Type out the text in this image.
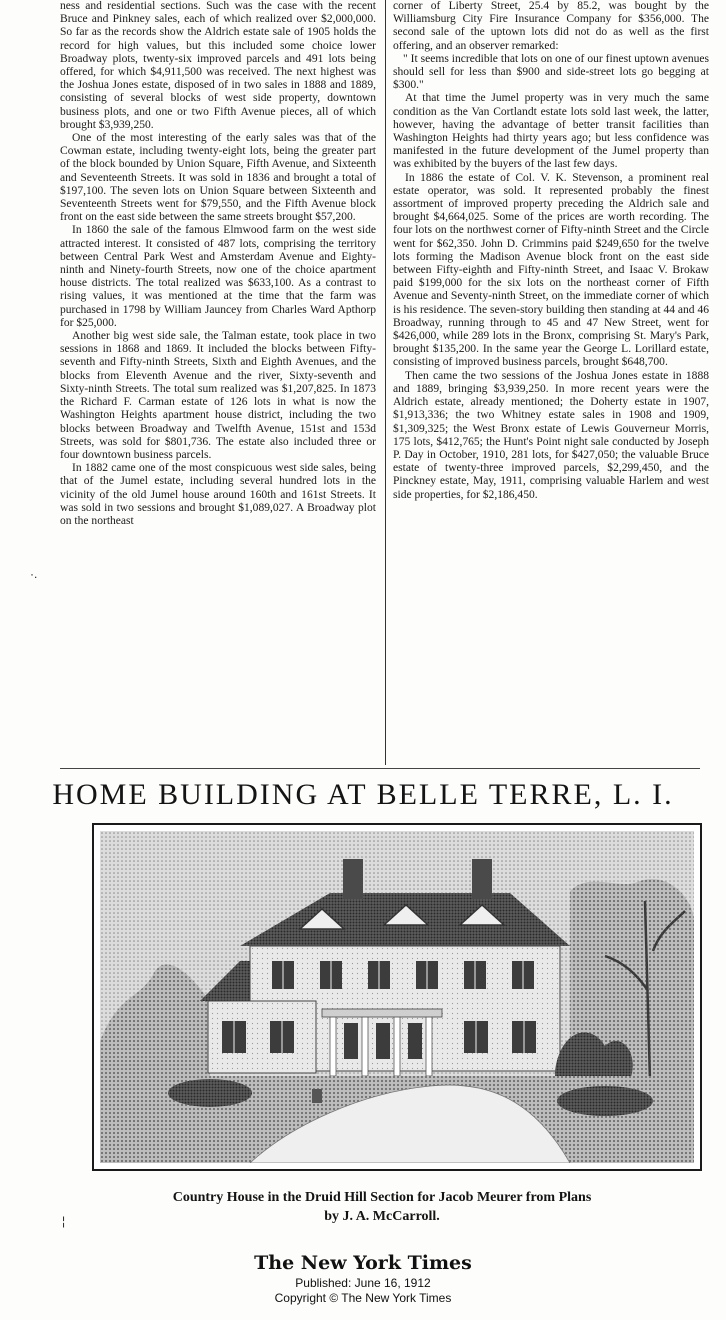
ness and residential sections. Such was the case with the recent Bruce and Pinkney sales, each of which realized over $2,000,000. So far as the records show the Aldrich estate sale of 1905 holds the record for high values, but this included some choice lower Broadway plots, twenty-six improved parcels and 491 lots being offered, for which $4,911,500 was received. The next highest was the Joshua Jones estate, disposed of in two sales in 1888 and 1889, consisting of several blocks of west side property, downtown business plots, and one or two Fifth Avenue pieces, all of which brought $3,939,250.

One of the most interesting of the early sales was that of the Cowman estate, including twenty-eight lots, being the greater part of the block bounded by Union Square, Fifth Avenue, and Sixteenth and Seventeenth Streets. It was sold in 1836 and brought a total of $197,100. The seven lots on Union Square between Sixteenth and Seventeenth Streets went for $79,550, and the Fifth Avenue block front on the east side between the same streets brought $57,200.

In 1860 the sale of the famous Elmwood farm on the west side attracted interest. It consisted of 487 lots, comprising the territory between Central Park West and Amsterdam Avenue and Eighty-ninth and Ninety-fourth Streets, now one of the choice apartment house districts. The total realized was $633,100. As a contrast to rising values, it was mentioned at the time that the farm was purchased in 1798 by William Jauncey from Charles Ward Apthorp for $25,000.

Another big west side sale, the Talman estate, took place in two sessions in 1868 and 1869. It included the blocks between Fifty-seventh and Fifty-ninth Streets, Sixth and Eighth Avenues, and the blocks from Eleventh Avenue and the river, Sixty-seventh and Sixty-ninth Streets. The total sum realized was $1,207,825. In 1873 the Richard F. Carman estate of 126 lots in what is now the Washington Heights apartment house district, including the two blocks between Broadway and Twelfth Avenue, 151st and 153d Streets, was sold for $801,736. The estate also included three or four downtown business parcels.

In 1882 came one of the most conspicuous west side sales, being that of the Jumel estate, including several hundred lots in the vicinity of the old Jumel house around 160th and 161st Streets. It was sold in two sessions and brought $1,089,027. A Broadway plot on the northeast

corner of Liberty Street, 25.4 by 85.2, was bought by the Williamsburg City Fire Insurance Company for $356,000. The second sale of the uptown lots did not do as well as the first offering, and an observer remarked:

" It seems incredible that lots on one of our finest uptown avenues should sell for less than $900 and side-street lots go begging at $300."

At that time the Jumel property was in very much the same condition as the Van Cortlandt estate lots sold last week, the latter, however, having the advantage of better transit facilities than Washington Heights had thirty years ago; but less confidence was manifested in the future development of the Jumel property than was exhibited by the buyers of the last few days.

In 1886 the estate of Col. V. K. Stevenson, a prominent real estate operator, was sold. It represented probably the finest assortment of improved property preceding the Aldrich sale and brought $4,664,025. Some of the prices are worth recording. The four lots on the northwest corner of Fifty-ninth Street and the Circle went for $62,350. John D. Crimmins paid $249,650 for the twelve lots forming the Madison Avenue block front on the east side between Fifty-eighth and Fifty-ninth Street, and Isaac V. Brokaw paid $199,000 for the six lots on the northeast corner of Fifth Avenue and Seventy-ninth Street, on the immediate corner of which is his residence. The seven-story building then standing at 44 and 46 Broadway, running through to 45 and 47 New Street, went for $426,000, while 289 lots in the Bronx, comprising St. Mary's Park, brought $135,200. In the same year the George L. Lorillard estate, consisting of improved business parcels, brought $648,700.

Then came the two sessions of the Joshua Jones estate in 1888 and 1889, bringing $3,939,250. In more recent years were the Aldrich estate, already mentioned; the Doherty estate in 1907, $1,913,336; the two Whitney estate sales in 1908 and 1909, $1,309,325; the West Bronx estate of Lewis Gouverneur Morris, 175 lots, $412,765; the Hunt's Point night sale conducted by Joseph P. Day in October, 1910, 281 lots, for $427,050; the valuable Bruce estate of twenty-three improved parcels, $2,299,450, and the Pinckney estate, May, 1911, comprising valuable Harlem and west side properties, for $2,186,450.

·.
¦
HOME BUILDING AT BELLE TERRE, L. I.
Country House in the Druid Hill Section for Jacob Meurer from Plans
by J. A. McCarroll.
The New York Times
Published: June 16, 1912
Copyright © The New York Times
